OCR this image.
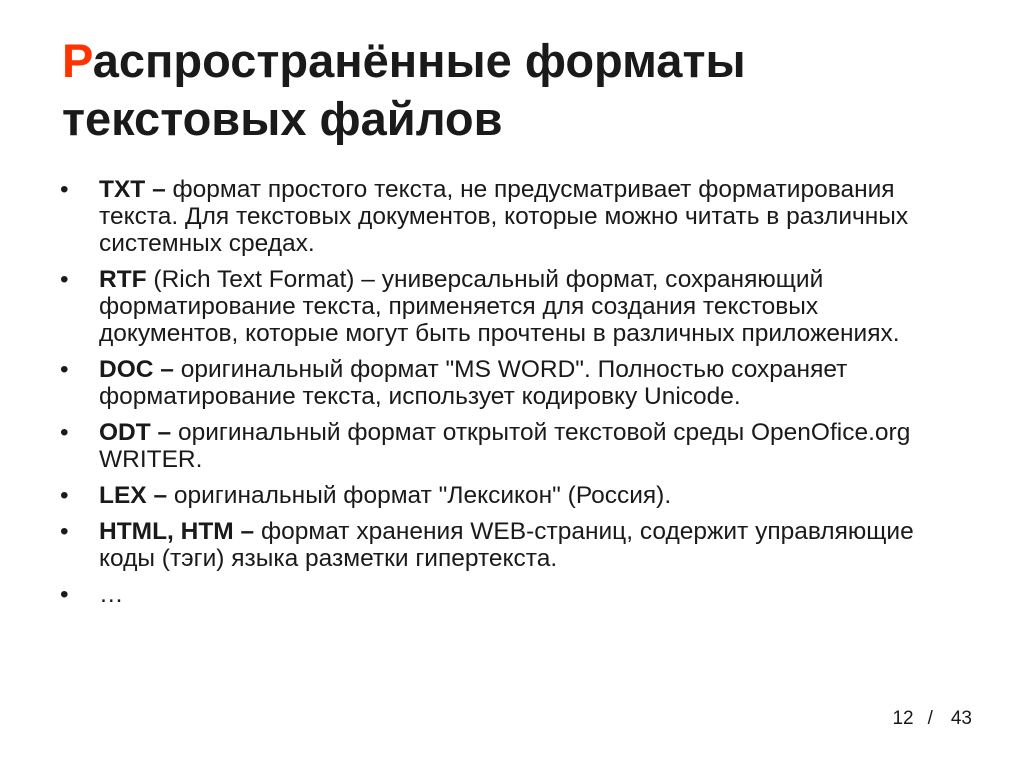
Распространённые форматы
текстовых файлов
• TXT – формат простого текста, не предусматривает форматирования текста. Для текстовых документов, которые можно читать в различных системных средах.
• RTF (Rich Text Format) – универсальный формат, сохраняющий форматирование текста, применяется для создания текстовых документов, которые могут быть прочтены в различных приложениях.
• DOC – оригинальный формат "MS WORD". Полностью сохраняет форматирование текста, использует кодировку Unicode.
• ODT – оригинальный формат открытой текстовой среды OpenOfice.org WRITER.
• LEX – оригинальный формат "Лексикон" (Россия).
• HTML, HTM – формат хранения WEB-страниц, содержит управляющие коды (тэги) языка разметки гипертекста.
• …
12 / 43
